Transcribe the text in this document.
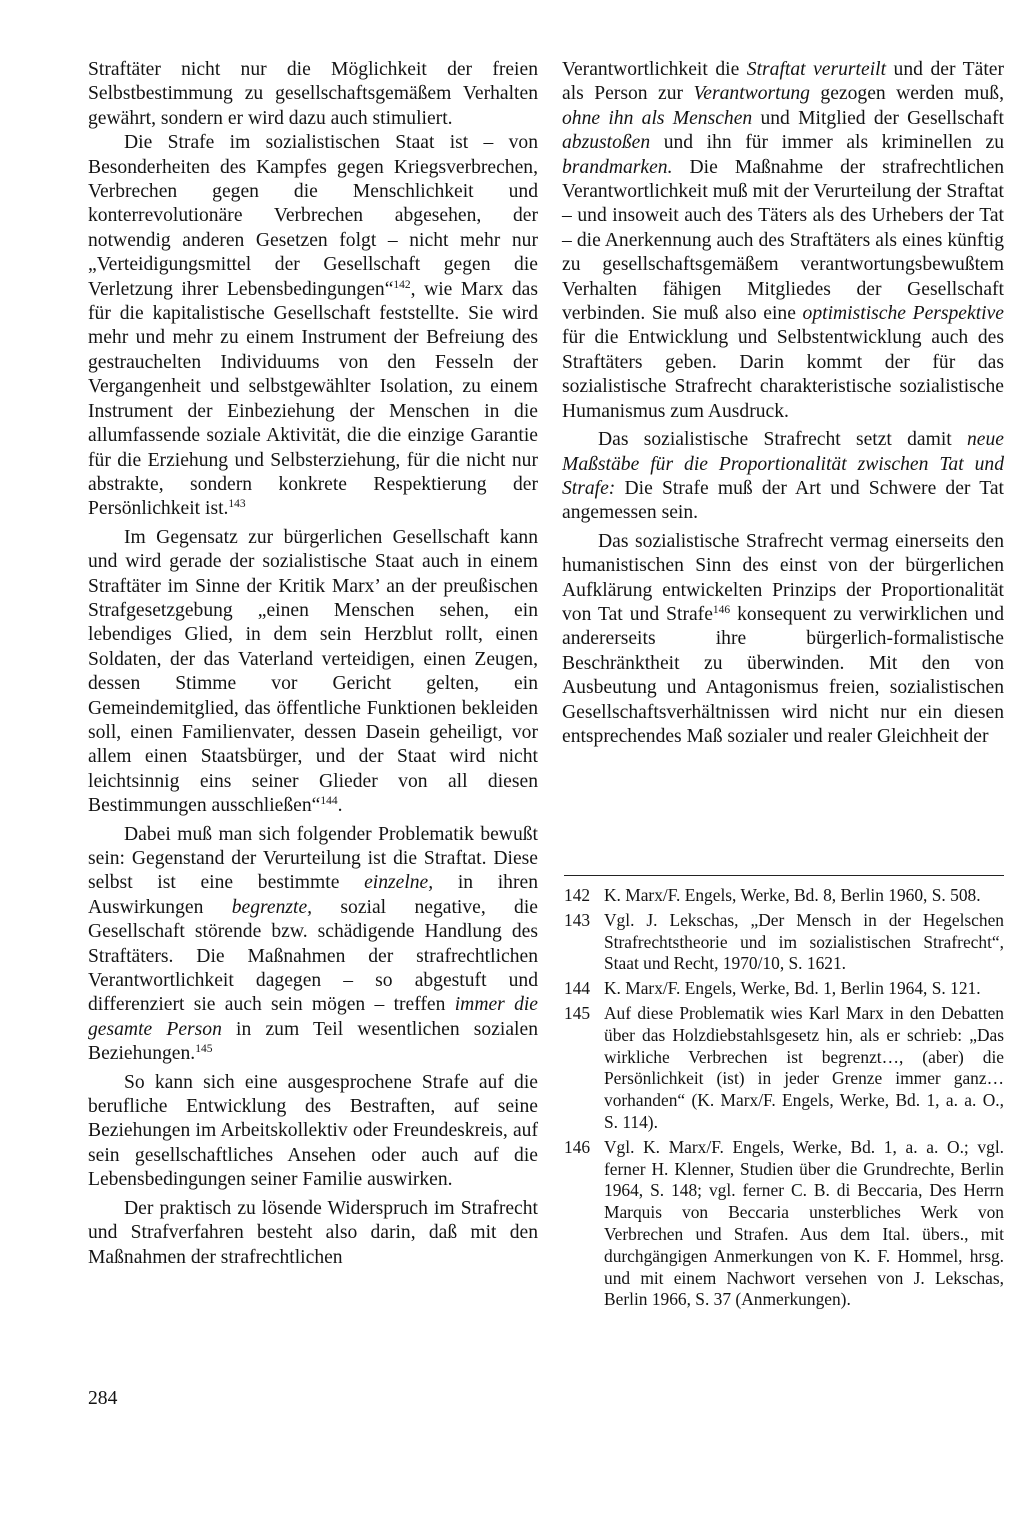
Straftäter nicht nur die Möglichkeit der freien Selbstbestimmung zu gesellschaftsgemäßem Verhalten gewährt, sondern er wird dazu auch stimuliert.

Die Strafe im sozialistischen Staat ist – von Besonderheiten des Kampfes gegen Kriegsverbrechen, Verbrechen gegen die Menschlichkeit und konterrevolutionäre Verbrechen abgesehen, der notwendig anderen Gesetzen folgt – nicht mehr nur „Verteidigungsmittel der Gesellschaft gegen die Verletzung ihrer Lebensbedingungen“$^{142}$, wie Marx das für die kapitalistische Gesellschaft feststellte. Sie wird mehr und mehr zu einem Instrument der Befreiung des gestrauchelten Individuums von den Fesseln der Vergangenheit und selbstgewählter Isolation, zu einem Instrument der Einbeziehung der Menschen in die allumfassende soziale Aktivität, die die einzige Garantie für die Erziehung und Selbsterziehung, für die nicht nur abstrakte, sondern konkrete Respektierung der Persönlichkeit ist.$^{143}$

Im Gegensatz zur bürgerlichen Gesellschaft kann und wird gerade der sozialistische Staat auch in einem Straftäter im Sinne der Kritik Marx’ an der preußischen Strafgesetzgebung „einen Menschen sehen, ein lebendiges Glied, in dem sein Herzblut rollt, einen Soldaten, der das Vaterland verteidigen, einen Zeugen, dessen Stimme vor Gericht gelten, ein Gemeindemitglied, das öffentliche Funktionen bekleiden soll, einen Familienvater, dessen Dasein geheiligt, vor allem einen Staatsbürger, und der Staat wird nicht leichtsinnig eins seiner Glieder von all diesen Bestimmungen ausschließen“$^{144}$.

Dabei muß man sich folgender Problematik bewußt sein: Gegenstand der Verurteilung ist die Straftat. Diese selbst ist eine bestimmte einzelne, in ihren Auswirkungen begrenzte, sozial negative, die Gesellschaft störende bzw. schädigende Handlung des Straftäters. Die Maßnahmen der strafrechtlichen Verantwortlichkeit dagegen – so abgestuft und differenziert sie auch sein mögen – treffen immer die gesamte Person in zum Teil wesentlichen sozialen Beziehungen.$^{145}$

So kann sich eine ausgesprochene Strafe auf die berufliche Entwicklung des Bestraften, auf seine Beziehungen im Arbeitskollektiv oder Freundeskreis, auf sein gesellschaftliches Ansehen oder auch auf die Lebensbedingungen seiner Familie auswirken.

Der praktisch zu lösende Widerspruch im Strafrecht und Strafverfahren besteht also darin, daß mit den Maßnahmen der strafrechtlichen

Verantwortlichkeit die Straftat verurteilt und der Täter als Person zur Verantwortung gezogen werden muß, ohne ihn als Menschen und Mitglied der Gesellschaft abzustoßen und ihn für immer als kriminellen zu brandmarken. Die Maßnahme der strafrechtlichen Verantwortlichkeit muß mit der Verurteilung der Straftat – und insoweit auch des Täters als des Urhebers der Tat – die Anerkennung auch des Straftäters als eines künftig zu gesellschaftsgemäßem verantwortungsbewußtem Verhalten fähigen Mitgliedes der Gesellschaft verbinden. Sie muß also eine optimistische Perspektive für die Entwicklung und Selbstentwicklung auch des Straftäters geben. Darin kommt der für das sozialistische Strafrecht charakteristische sozialistische Humanismus zum Ausdruck.

Das sozialistische Strafrecht setzt damit neue Maßstäbe für die Proportionalität zwischen Tat und Strafe: Die Strafe muß der Art und Schwere der Tat angemessen sein.

Das sozialistische Strafrecht vermag einerseits den humanistischen Sinn des einst von der bürgerlichen Aufklärung entwickelten Prinzips der Proportionalität von Tat und Strafe$^{146}$ konsequent zu verwirklichen und andererseits ihre bürgerlich-formalistische Beschränktheit zu überwinden. Mit den von Ausbeutung und Antagonismus freien, sozialistischen Gesellschaftsverhältnissen wird nicht nur ein diesen entsprechendes Maß sozialer und realer Gleichheit der

142 K. Marx/F. Engels, Werke, Bd. 8, Berlin 1960, S. 508.

143 Vgl. J. Lekschas, „Der Mensch in der Hegelschen Strafrechtstheorie und im sozialistischen Strafrecht“, Staat und Recht, 1970/10, S. 1621.

144 K. Marx/F. Engels, Werke, Bd. 1, Berlin 1964, S. 121.

145 Auf diese Problematik wies Karl Marx in den Debatten über das Holzdiebstahlsgesetz hin, als er schrieb: „Das wirkliche Verbrechen ist begrenzt…, (aber) die Persönlichkeit (ist) in jeder Grenze immer ganz… vorhanden“ (K. Marx/F. Engels, Werke, Bd. 1, a. a. O., S. 114).

146 Vgl. K. Marx/F. Engels, Werke, Bd. 1, a. a. O.; vgl. ferner H. Klenner, Studien über die Grundrechte, Berlin 1964, S. 148; vgl. ferner C. B. di Beccaria, Des Herrn Marquis von Beccaria unsterbliches Werk von Verbrechen und Strafen. Aus dem Ital. übers., mit durchgängigen Anmerkungen von K. F. Hommel, hrsg. und mit einem Nachwort versehen von J. Lekschas, Berlin 1966, S. 37 (Anmerkungen).

284
